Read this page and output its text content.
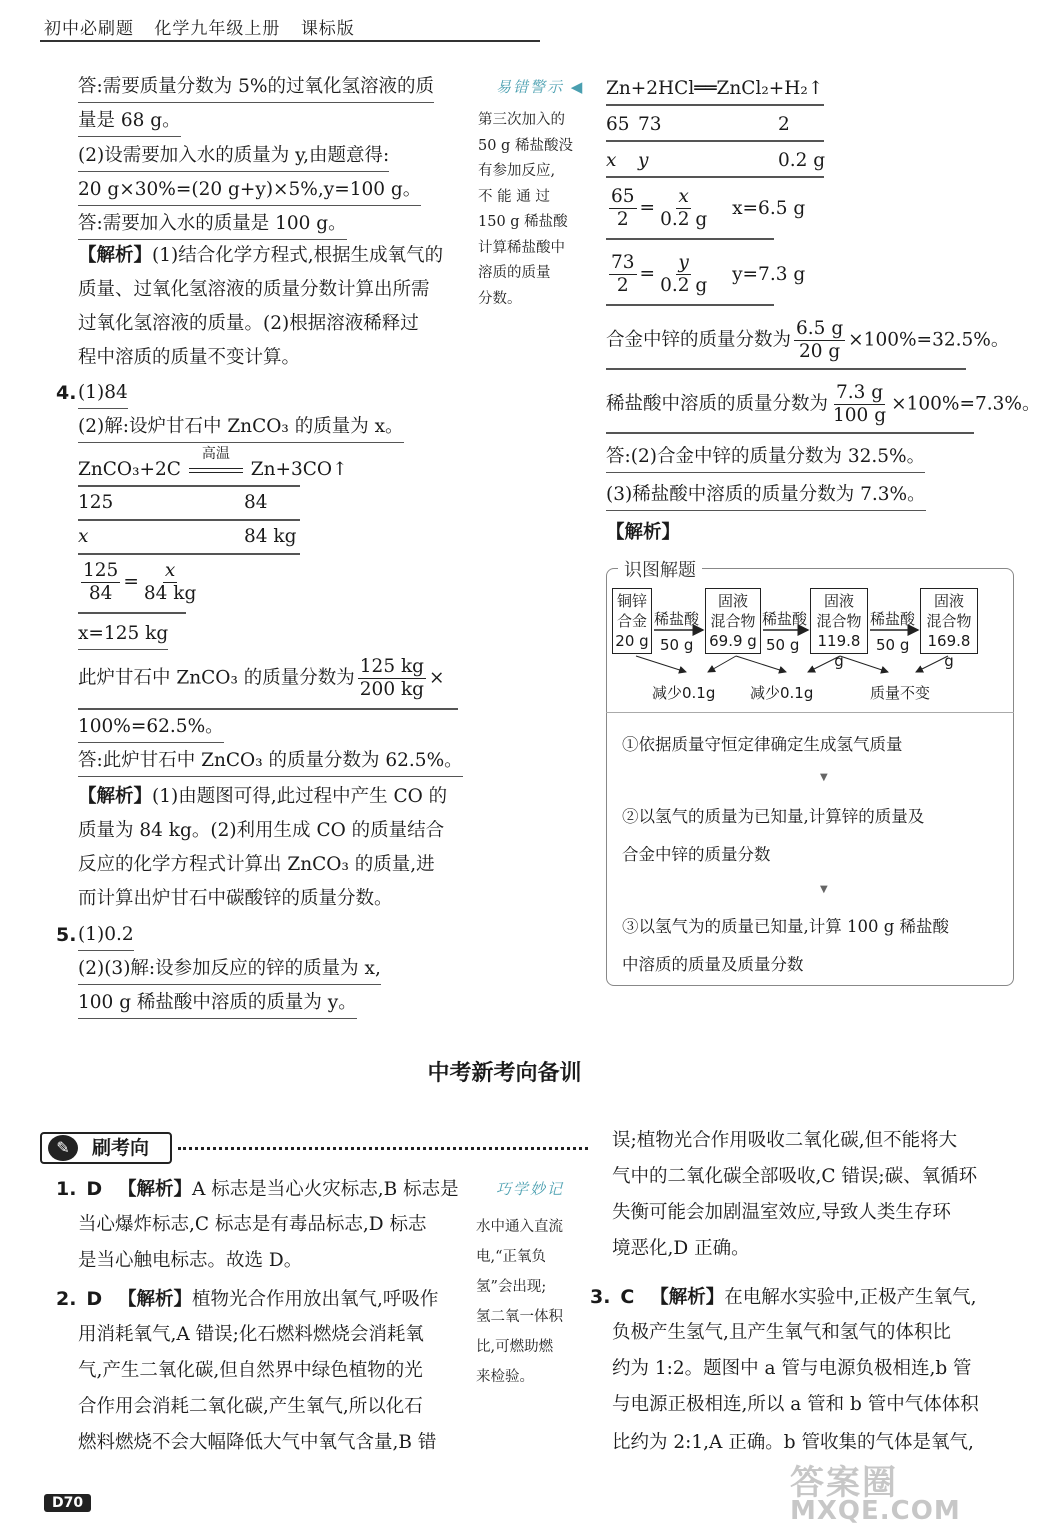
初中必刷题 化学九年级上册 课标版
答:需要质量分数为 5%的过氧化氢溶液的质
量是 68 g。
(2)设需要加入水的质量为 y,由题意得:
20 g×30%=(20 g+y)×5%,y=100 g。
答:需要加入水的质量是 100 g。
【解析】(1)结合化学方程式,根据生成氧气的
质量、过氧化氢溶液的质量分数计算出所需
过氧化氢溶液的质量。(2)根据溶液稀释过
程中溶质的质量不变计算。
4. (1)84
(2)解:设炉甘石中 ZnCO₃ 的质量为 x。
ZnCO₃+2C
高温
Zn+3CO↑
125	84
x	84 kg
$\frac{125}{84} = \frac{x}{84 kg}$
x=125 kg
此炉甘石中 ZnCO₃ 的质量分数为 $\frac{125 kg}{200 kg}$ ×
100%=62.5%。
答:此炉甘石中 ZnCO₃ 的质量分数为 62.5%。
【解析】(1)由题图可得,此过程中产生 CO 的
质量为 84 kg。(2)利用生成 CO 的质量结合
反应的化学方程式计算出 ZnCO₃ 的质量,进
而计算出炉甘石中碳酸锌的质量分数。
5. (1)0.2
(2)(3)解:设参加反应的锌的质量为 x,
100 g 稀盐酸中溶质的质量为 y。
易错警示 ◀
第三次加入的
50 g 稀盐酸没
有参加反应,
不 能 通 过
150 g 稀盐酸
计算稀盐酸中
溶质的质量
分数。
Zn+2HCl══ZnCl₂+H₂↑
65 73	2
x y	0.2 g
$\frac{65}{2} = \frac{x}{0.2 g} x=6.5$ g
$\frac{73}{2} = \frac{y}{0.2 g} y=7.3$ g
合金中锌的质量分数为 $\frac{6.5 g}{20 g} \times 100\%=32.5\%$。
稀盐酸中溶质的质量分数为 $\frac{7.3 g}{100 g} \times 100\%=7.3\%$。
答:(2)合金中锌的质量分数为 32.5%。
(3)稀盐酸中溶质的质量分数为 7.3%。
【解析】
识图解题
铜锌
合金
20 g
固液
混合物
69.9 g
固液
混合物
119.8 g
固液
混合物
169.8 g
稀盐酸
50 g
稀盐酸
50 g
稀盐酸
50 g
减少0.1g 减少0.1g	质量不变
①依据质量守恒定律确定生成氢气质量
▼
②以氢气的质量为已知量,计算锌的质量及
合金中锌的质量分数
▼
③以氢气为的质量已知量,计算 100 g 稀盐酸
中溶质的质量及质量分数
中考新考向备训
✎	刷考向
1. D 【解析】A 标志是当心火灾标志,B 标志是
当心爆炸标志,C 标志是有毒品标志,D 标志
是当心触电标志。故选 D。
2. D 【解析】植物光合作用放出氧气,呼吸作
用消耗氧气,A 错误;化石燃料燃烧会消耗氧
气,产生二氧化碳,但自然界中绿色植物的光
合作用会消耗二氧化碳,产生氧气,所以化石
燃料燃烧不会大幅降低大气中氧气含量,B 错
巧学妙记
水中通入直流
电,“正氧负
氢”会出现;
氢二氧一体积
比,可燃助燃
来检验。
误;植物光合作用吸收二氧化碳,但不能将大
气中的二氧化碳全部吸收,C 错误;碳、氧循环
失衡可能会加剧温室效应,导致人类生存环
境恶化,D 正确。
3. C 【解析】在电解水实验中,正极产生氧气,
负极产生氢气,且产生氧气和氢气的体积比
约为 1:2。题图中 a 管与电源负极相连,b 管
与电源正极相连,所以 a 管和 b 管中气体体积
比约为 2:1,A 正确。b 管收集的气体是氧气,
D70	答案圈
MXQE.COM
